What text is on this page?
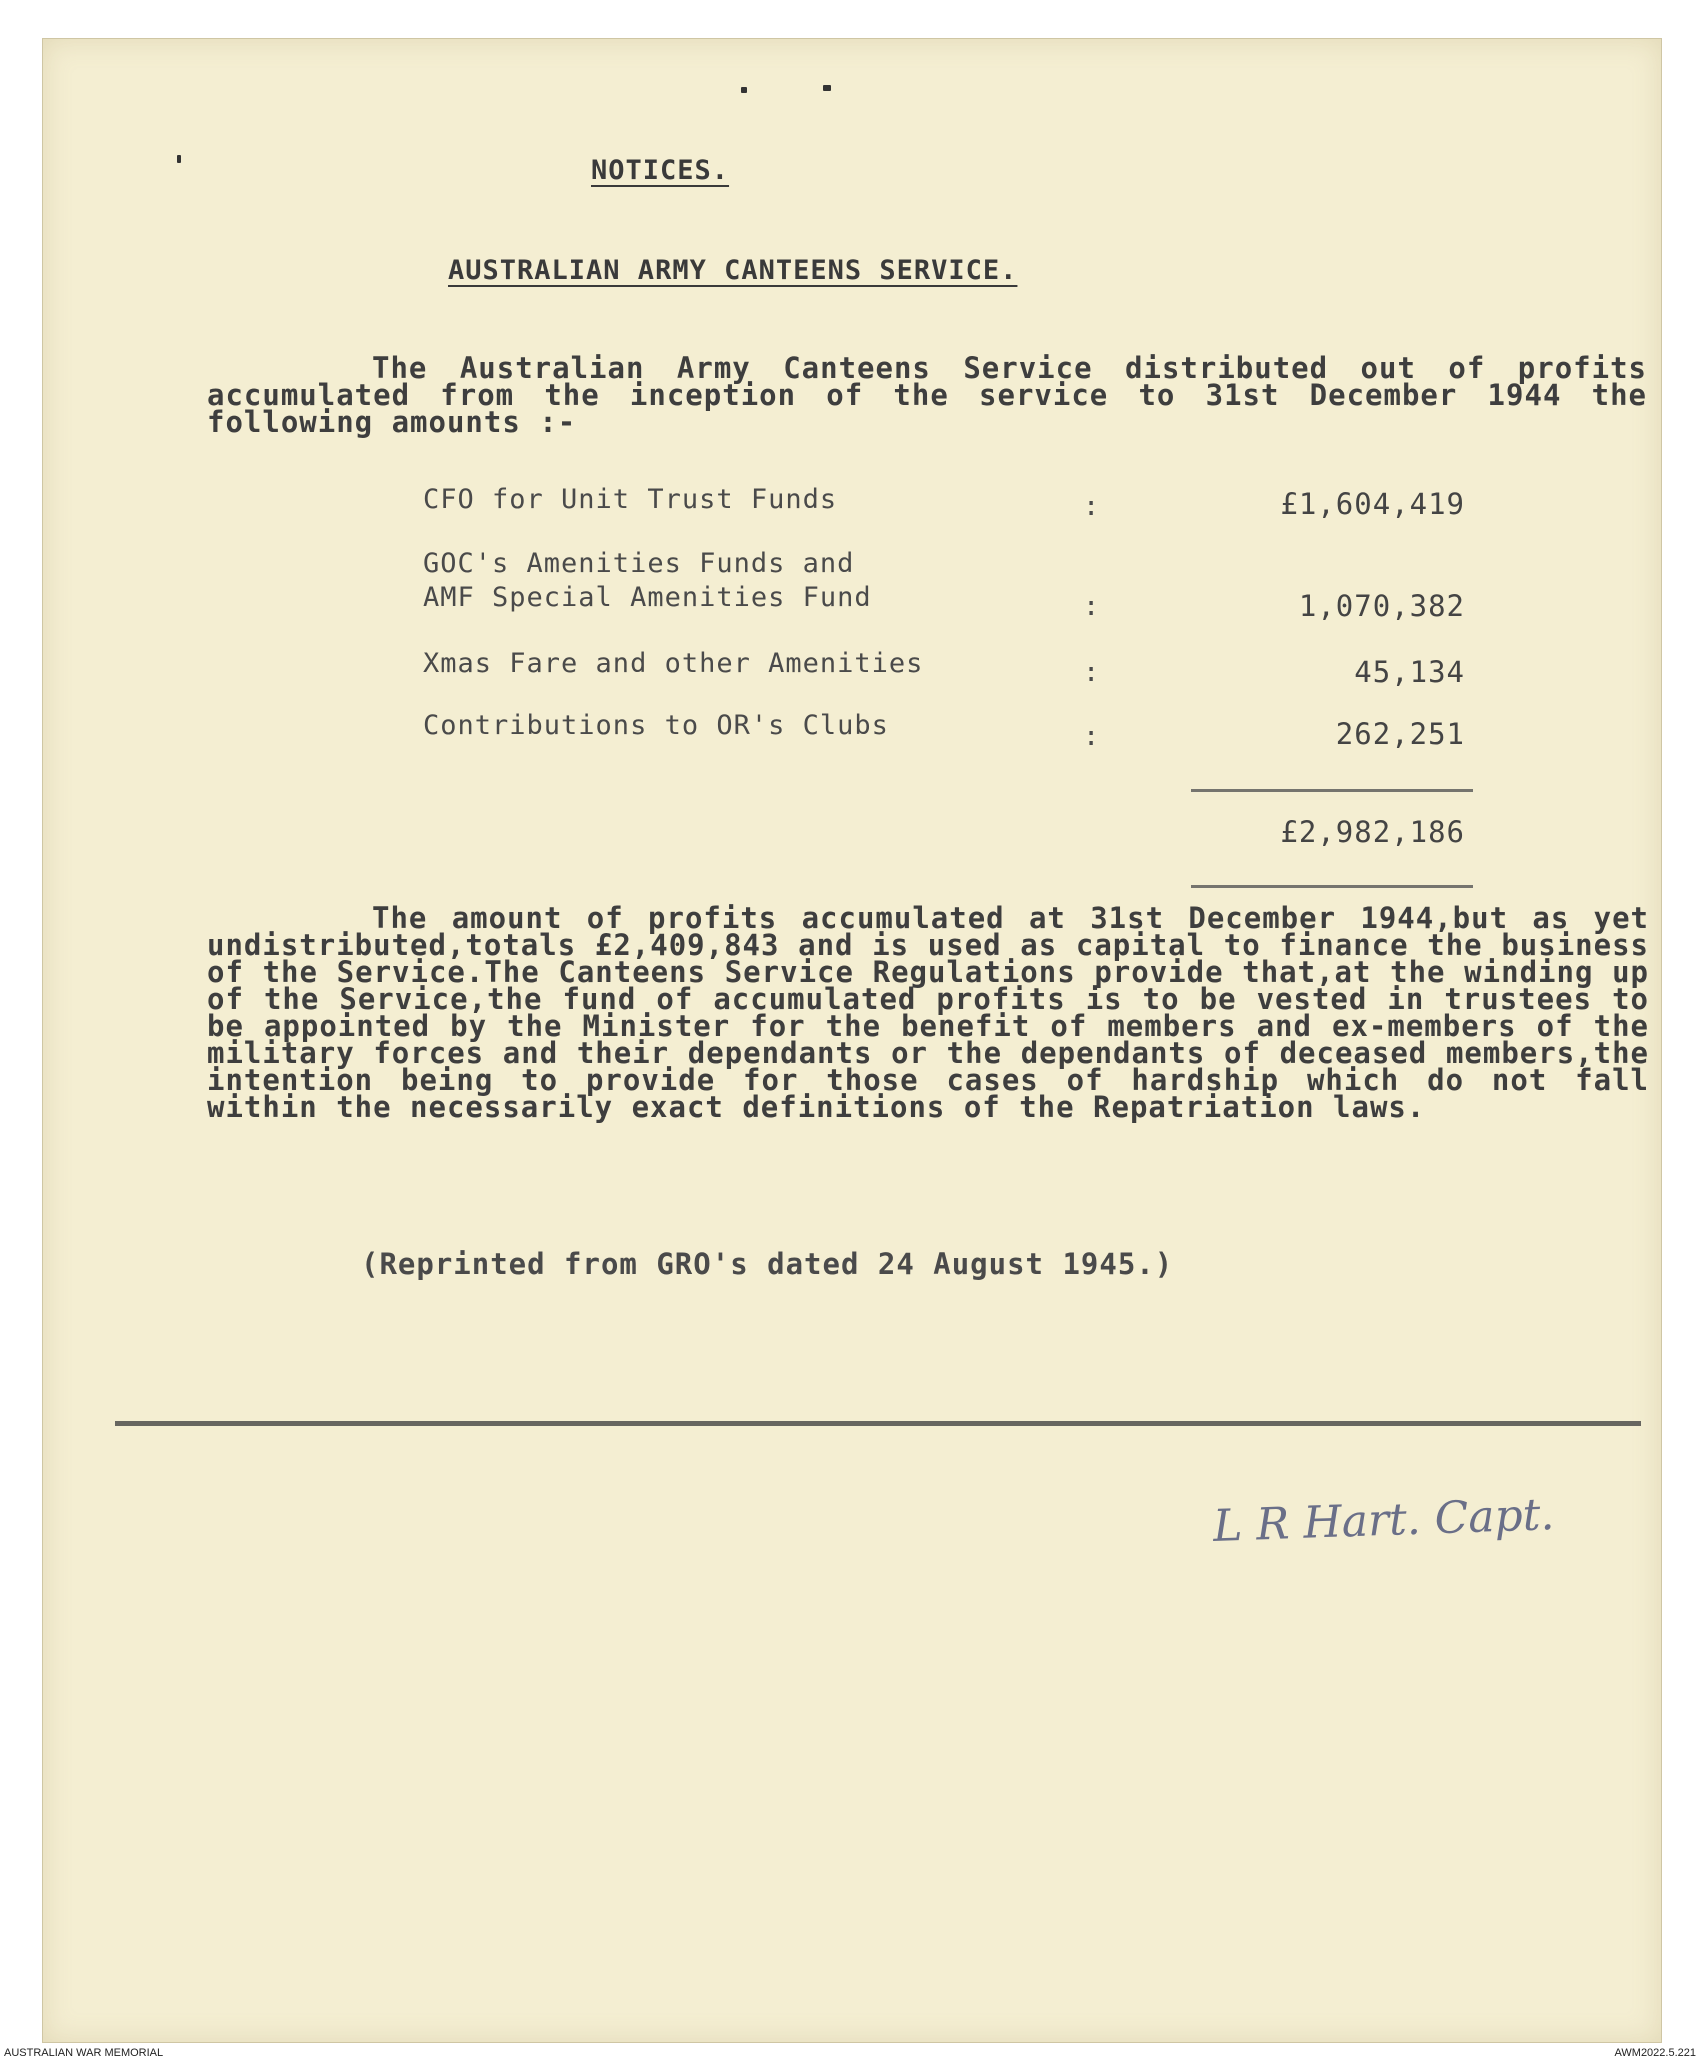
NOTICES.
AUSTRALIAN ARMY CANTEENS SERVICE.
The Australian Army Canteens Service distributed out of profits accumulated from the inception of the service to 31st December 1944 the following amounts :-
CFO for Unit Trust Funds	:	£1,604,419
GOC's Amenities Funds and
AMF Special Amenities Fund	:	1,070,382
Xmas Fare and other Amenities	:	45,134
Contributions to OR's Clubs	:	262,251
£2,982,186
The amount of profits accumulated at 31st December 1944,but as yet undistributed,totals £2,409,843 and is used as capital to finance the business of the Service.The Canteens Service Regulations provide that,at the winding up of the Service,the fund of accumulated profits is to be vested in trustees to be appointed by the Minister for the benefit of members and ex-members of the military forces and their dependants or the dependants of deceased members,the intention being to provide for those cases of hardship which do not fall within the necessarily exact definitions of the Repatriation laws.
(Reprinted from GRO's dated 24 August 1945.)
L R Hart. Capt.
AUSTRALIAN WAR MEMORIAL	AWM2022.5.221
